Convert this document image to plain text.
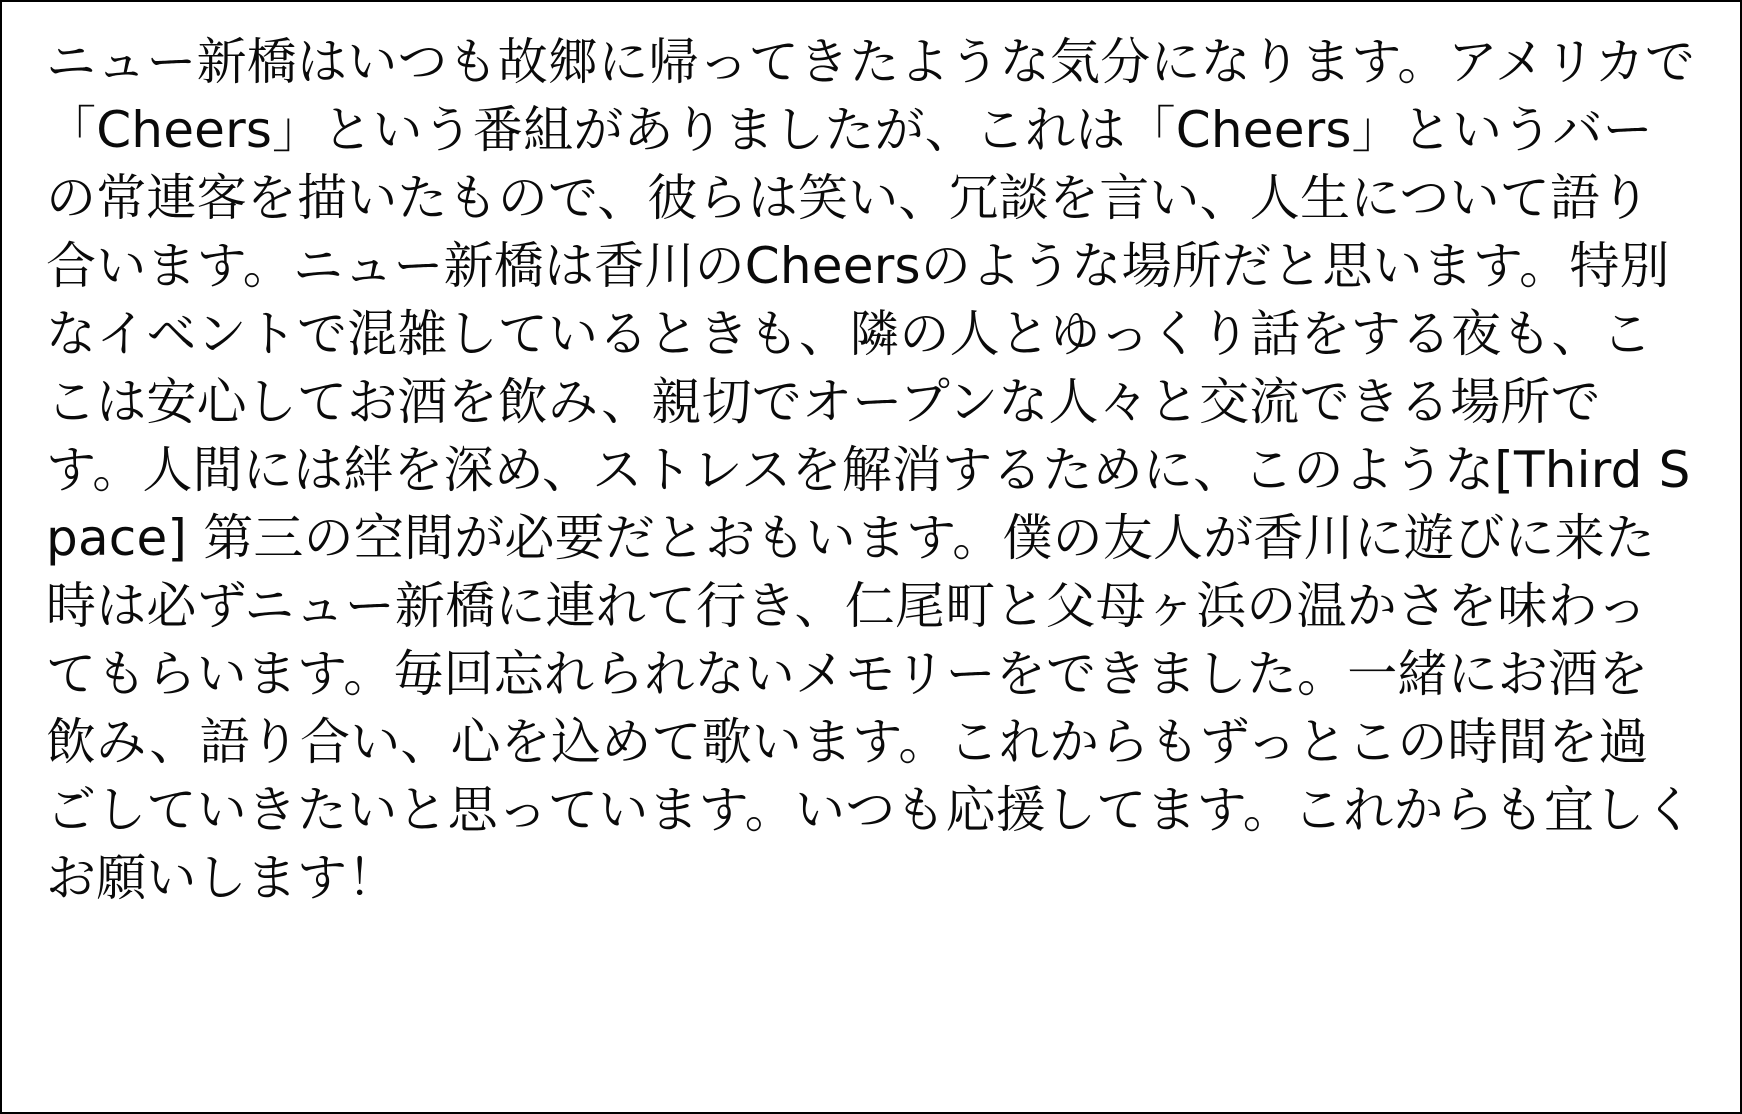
ニュー新橋はいつも故郷に帰ってきたような気分になります。アメリカで「Cheers」という番組がありましたが、これは「Cheers」というバーの常連客を描いたもので、彼らは笑い、冗談を言い、人生について語り合います。ニュー新橋は香川のCheersのような場所だと思います。特別なイベントで混雑しているときも、隣の人とゆっくり話をする夜も、ここは安心してお酒を飲み、親切でオープンな人々と交流できる場所です。人間には絆を深め、ストレスを解消するために、このような[Third Space] 第三の空間が必要だとおもいます。僕の友人が香川に遊びに来た時は必ずニュー新橋に連れて行き、仁尾町と父母ヶ浜の温かさを味わってもらいます。毎回忘れられないメモリーをできました。一緒にお酒を飲み、語り合い、心を込めて歌います。これからもずっとこの時間を過ごしていきたいと思っています。いつも応援してます。これからも宜しくお願いします！
